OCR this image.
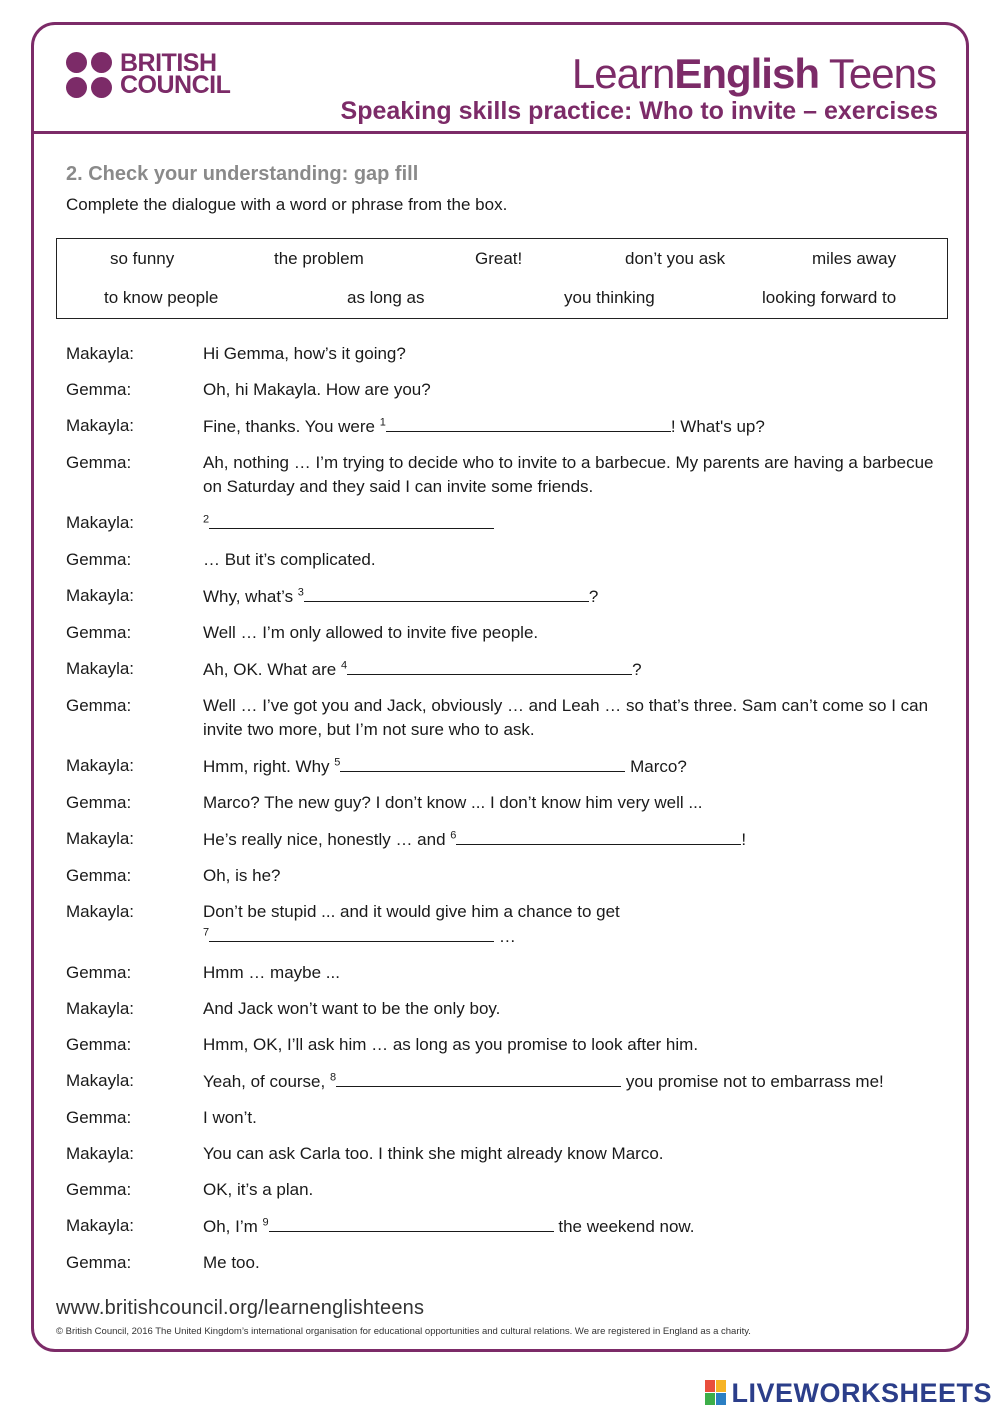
BRITISH
COUNCIL	LearnEnglish Teens
Speaking skills practice: Who to invite – exercises
2. Check your understanding: gap fill
Complete the dialogue with a word or phrase from the box.
so funny	the problem	Great!	don’t you ask	miles away
to know people	as long as	you thinking	looking forward to
Makayla:	Hi Gemma, how’s it going?
Gemma:	Oh, hi Makayla. How are you?
Makayla:	Fine, thanks. You were $^1$	! What's up?
Gemma:	Ah, nothing … I’m trying to decide who to invite to a barbecue. My parents are having a barbecue on Saturday and they said I can invite some friends.
Makayla:	$^2$
Gemma:	… But it’s complicated.
Makayla:	Why, what’s $^3$	?
Gemma:	Well … I’m only allowed to invite five people.
Makayla:	Ah, OK. What are $^4$	?
Gemma:	Well … I’ve got you and Jack, obviously … and Leah … so that’s three. Sam can’t come so I can invite two more, but I’m not sure who to ask.
Makayla:	Hmm, right. Why $^5$	Marco?
Gemma:	Marco? The new guy? I don’t know ... I don’t know him very well ...
Makayla:	He’s really nice, honestly … and $^6$	!
Gemma:	Oh, is he?
Makayla:	Don’t be stupid ... and it would give him a chance to get
$^7$	…
Gemma:	Hmm … maybe ...
Makayla:	And Jack won’t want to be the only boy.
Gemma:	Hmm, OK, I’ll ask him … as long as you promise to look after him.
Makayla:	Yeah, of course, $^8$	you promise not to embarrass me!
Gemma:	I won’t.
Makayla:	You can ask Carla too. I think she might already know Marco.
Gemma:	OK, it’s a plan.
Makayla:	Oh, I’m $^9$	the weekend now.
Gemma:	Me too.
www.britishcouncil.org/learnenglishteens
© British Council, 2016 The United Kingdom’s international organisation for educational opportunities and cultural relations. We are registered in England as a charity.
LIVEWORKSHEETS
